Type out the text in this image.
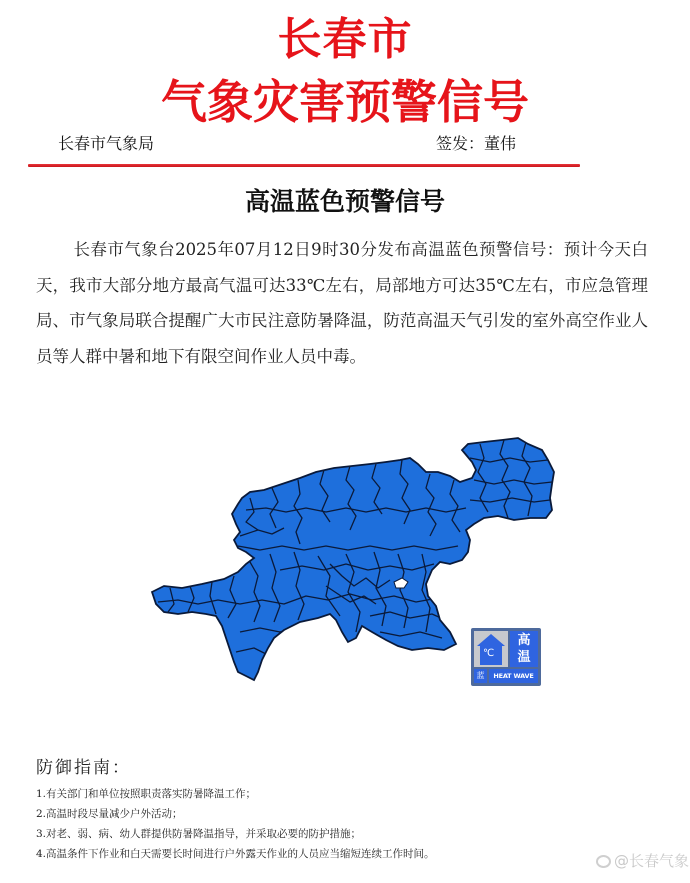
长春市
气象灾害预警信号
长春市气象局	签发：董伟
高温蓝色预警信号
长春市气象台2025年07月12日9时30分发布高温蓝色预警信号：预计今天白天，我市大部分地方最高气温可达33℃左右，局部地方可达35℃左右，市应急管理局、市气象局联合提醒广大市民注意防暑降温，防范高温天气引发的室外高空作业人员等人群中暑和地下有限空间作业人员中毒。
℃
高
温
蓝	HEAT WAVE
防御指南：
1.有关部门和单位按照职责落实防暑降温工作；
2.高温时段尽量减少户外活动；
3.对老、弱、病、幼人群提供防暑降温指导，并采取必要的防护措施；
4.高温条件下作业和白天需要长时间进行户外露天作业的人员应当缩短连续工作时间。	@长春气象
